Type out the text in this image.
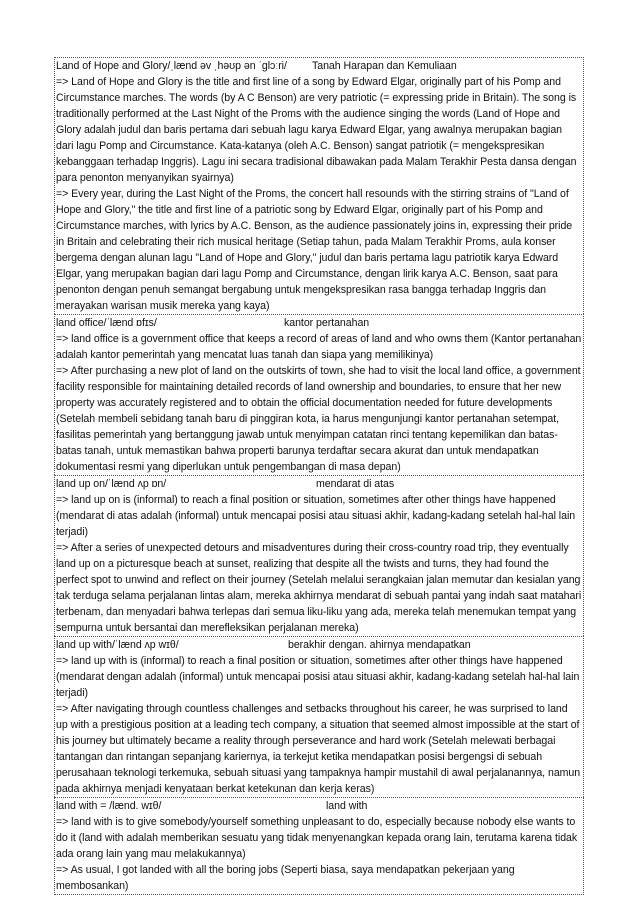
Land of Hope and Glory/ˌlænd əv ˌhəʊp ən ˈɡlɔːri/	Tanah Harapan dan Kemuliaan

=> Land of Hope and Glory is the title and first line of a song by Edward Elgar, originally part of his Pomp and Circumstance marches. The words (by A C Benson) are very patriotic (= expressing pride in Britain). The song is traditionally performed at the Last Night of the Proms with the audience singing the words (Land of Hope and Glory adalah judul dan baris pertama dari sebuah lagu karya Edward Elgar, yang awalnya merupakan bagian dari lagu Pomp and Circumstance. Kata-katanya (oleh A.C. Benson) sangat patriotik (= mengekspresikan kebanggaan terhadap Inggris). Lagu ini secara tradisional dibawakan pada Malam Terakhir Pesta dansa dengan para penonton menyanyikan syairnya)

=> Every year, during the Last Night of the Proms, the concert hall resounds with the stirring strains of "Land of Hope and Glory," the title and first line of a patriotic song by Edward Elgar, originally part of his Pomp and Circumstance marches, with lyrics by A.C. Benson, as the audience passionately joins in, expressing their pride in Britain and celebrating their rich musical heritage (Setiap tahun, pada Malam Terakhir Proms, aula konser bergema dengan alunan lagu "Land of Hope and Glory," judul dan baris pertama lagu patriotik karya Edward Elgar, yang merupakan bagian dari lagu Pomp and Circumstance, dengan lirik karya A.C. Benson, saat para penonton dengan penuh semangat bergabung untuk mengekspresikan rasa bangga terhadap Inggris dan merayakan warisan musik mereka yang kaya)

land office/ˈlænd ɒfɪs/	kantor pertanahan

=> land office is a government office that keeps a record of areas of land and who owns them (Kantor pertanahan adalah kantor pemerintah yang mencatat luas tanah dan siapa yang memilikinya)

=> After purchasing a new plot of land on the outskirts of town, she had to visit the local land office, a government facility responsible for maintaining detailed records of land ownership and boundaries, to ensure that her new property was accurately registered and to obtain the official documentation needed for future developments (Setelah membeli sebidang tanah baru di pinggiran kota, ia harus mengunjungi kantor pertanahan setempat, fasilitas pemerintah yang bertanggung jawab untuk menyimpan catatan rinci tentang kepemilikan dan batas-batas tanah, untuk memastikan bahwa properti barunya terdaftar secara akurat dan untuk mendapatkan dokumentasi resmi yang diperlukan untuk pengembangan di masa depan)

land up on/ˈlænd ʌp ɒn/	mendarat di atas

=> land up on is (informal) to reach a final position or situation, sometimes after other things have happened (mendarat di atas adalah (informal) untuk mencapai posisi atau situasi akhir, kadang-kadang setelah hal-hal lain terjadi)

=> After a series of unexpected detours and misadventures during their cross-country road trip, they eventually land up on a picturesque beach at sunset, realizing that despite all the twists and turns, they had found the perfect spot to unwind and reflect on their journey (Setelah melalui serangkaian jalan memutar dan kesialan yang tak terduga selama perjalanan lintas alam, mereka akhirnya mendarat di sebuah pantai yang indah saat matahari terbenam, dan menyadari bahwa terlepas dari semua liku-liku yang ada, mereka telah menemukan tempat yang sempurna untuk bersantai dan merefleksikan perjalanan mereka)

land up with/ˈlænd ʌp wɪθ/	berakhir dengan. ahirnya mendapatkan

=> land up with is (informal) to reach a final position or situation, sometimes after other things have happened (mendarat dengan adalah (informal) untuk mencapai posisi atau situasi akhir, kadang-kadang setelah hal-hal lain terjadi)

=> After navigating through countless challenges and setbacks throughout his career, he was surprised to land up with a prestigious position at a leading tech company, a situation that seemed almost impossible at the start of his journey but ultimately became a reality through perseverance and hard work (Setelah melewati berbagai tantangan dan rintangan sepanjang kariernya, ia terkejut ketika mendapatkan posisi bergengsi di sebuah perusahaan teknologi terkemuka, sebuah situasi yang tampaknya hampir mustahil di awal perjalanannya, namun pada akhirnya menjadi kenyataan berkat ketekunan dan kerja keras)

land with = /lænd. wɪθ/	land with

=> land with is to give somebody/yourself something unpleasant to do, especially because nobody else wants to do it (land with adalah memberikan sesuatu yang tidak menyenangkan kepada orang lain, terutama karena tidak ada orang lain yang mau melakukannya)

=> As usual, I got landed with all the boring jobs (Seperti biasa, saya mendapatkan pekerjaan yang membosankan)
